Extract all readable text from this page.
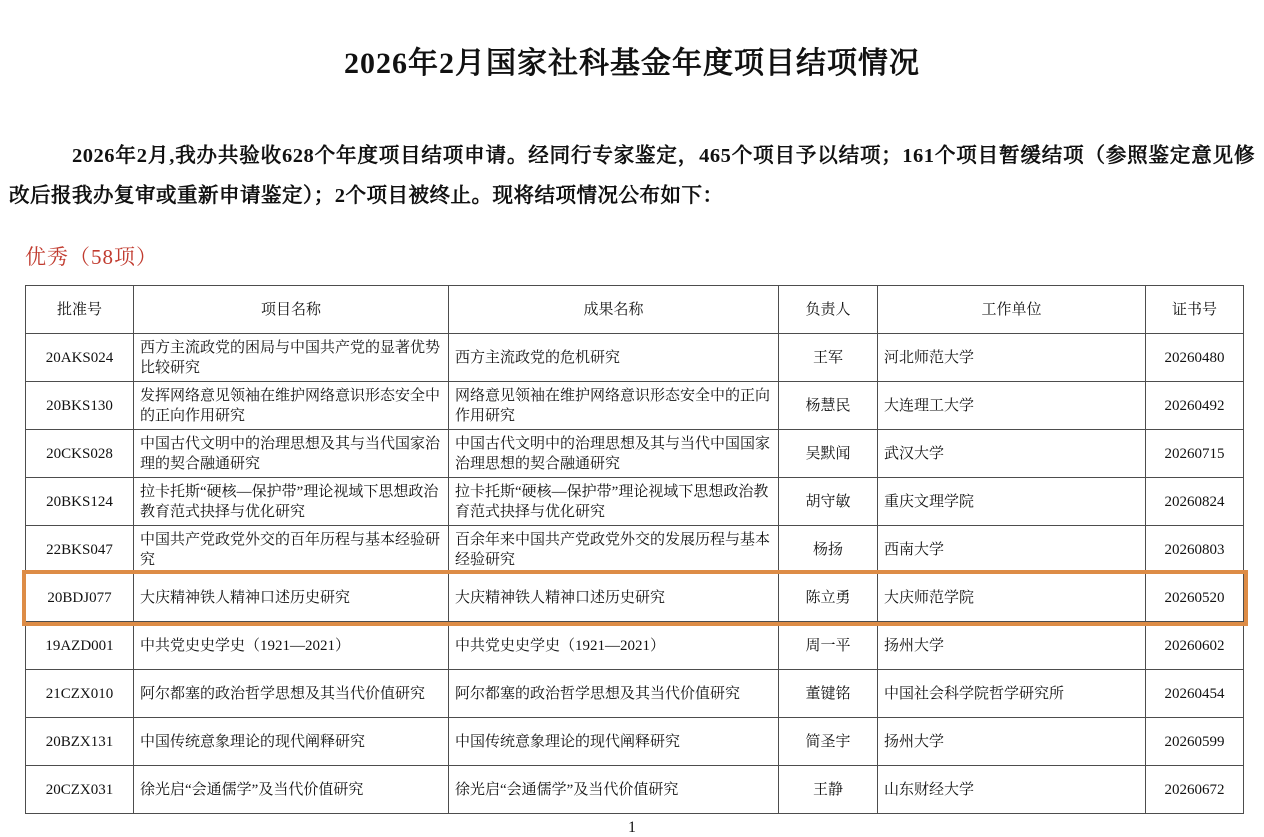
2026年2月国家社科基金年度项目结项情况
2026年2月,我办共验收628个年度项目结项申请。经同行专家鉴定，465个项目予以结项；161个项目暂缓结项（参照鉴定意见修改后报我办复审或重新申请鉴定）；2个项目被终止。现将结项情况公布如下：
优秀（58项）
批准号	项目名称	成果名称	负责人	工作单位	证书号
20AKS024	西方主流政党的困局与中国共产党的显著优势比较研究	西方主流政党的危机研究	王军	河北师范大学	20260480
20BKS130	发挥网络意见领袖在维护网络意识形态安全中的正向作用研究	网络意见领袖在维护网络意识形态安全中的正向作用研究	杨慧民	大连理工大学	20260492
20CKS028	中国古代文明中的治理思想及其与当代国家治理的契合融通研究	中国古代文明中的治理思想及其与当代中国国家治理思想的契合融通研究	吴默闻	武汉大学	20260715
20BKS124	拉卡托斯“硬核—保护带”理论视域下思想政治教育范式抉择与优化研究	拉卡托斯“硬核—保护带”理论视域下思想政治教育范式抉择与优化研究	胡守敏	重庆文理学院	20260824
22BKS047	中国共产党政党外交的百年历程与基本经验研究	百余年来中国共产党政党外交的发展历程与基本经验研究	杨扬	西南大学	20260803
20BDJ077	大庆精神铁人精神口述历史研究	大庆精神铁人精神口述历史研究	陈立勇	大庆师范学院	20260520
19AZD001	中共党史史学史（1921—2021）	中共党史史学史（1921—2021）	周一平	扬州大学	20260602
21CZX010	阿尔都塞的政治哲学思想及其当代价值研究	阿尔都塞的政治哲学思想及其当代价值研究	董键铭	中国社会科学院哲学研究所	20260454
20BZX131	中国传统意象理论的现代阐释研究	中国传统意象理论的现代阐释研究	简圣宇	扬州大学	20260599
20CZX031	徐光启“会通儒学”及当代价值研究	徐光启“会通儒学”及当代价值研究	王静	山东财经大学	20260672
1
